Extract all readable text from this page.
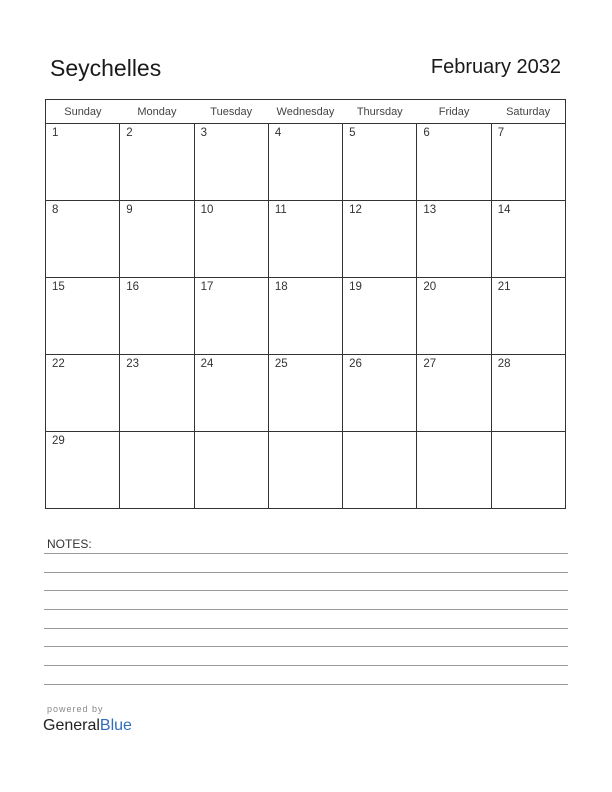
Seychelles	February 2032
Sunday	Monday	Tuesday	Wednesday	Thursday	Friday	Saturday

1	2	3	4	5	6	7

8	9	10	11	12	13	14

15	16	17	18	19	20	21

22	23	24	25	26	27	28

29						

NOTES:
powered by
GeneralBlue
